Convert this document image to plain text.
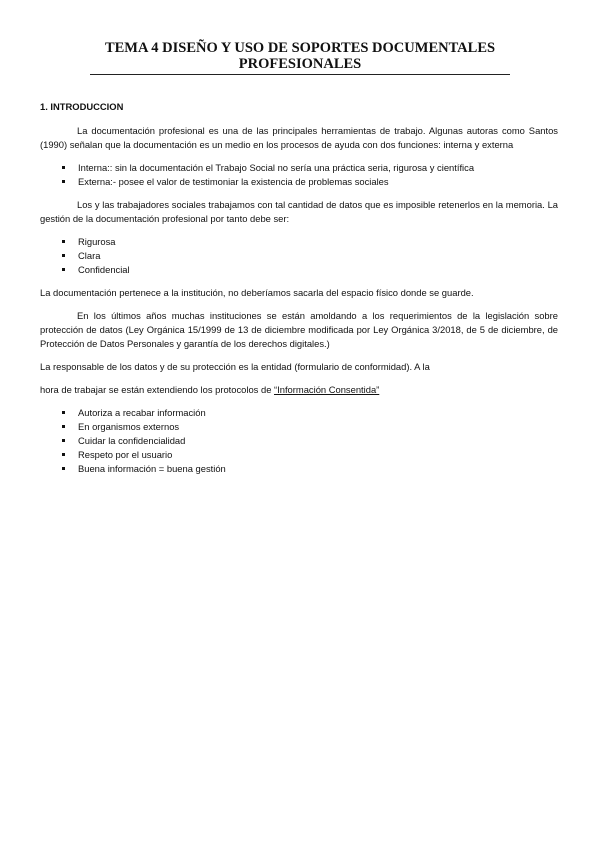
TEMA 4 DISEÑO Y USO DE SOPORTES DOCUMENTALES PROFESIONALES
1. INTRODUCCION

La documentación profesional es una de las principales herramientas de trabajo. Algunas autoras como Santos (1990) señalan que la documentación es un medio en los procesos de ayuda con dos funciones: interna y externa

Interna:: sin la documentación el Trabajo Social no sería una práctica seria, rigurosa y científica
Externa:- posee el valor de testimoniar la existencia de problemas sociales

Los y las trabajadores sociales trabajamos con tal cantidad de datos que es imposible retenerlos en la memoria. La gestión de la documentación profesional por tanto debe ser:

Rigurosa
Clara
Confidencial

La documentación pertenece a la institución, no deberíamos sacarla del espacio físico donde se guarde.

En los últimos años muchas instituciones se están amoldando a los requerimientos de la legislación sobre protección de datos (Ley Orgánica 15/1999 de 13 de diciembre modificada por Ley Orgánica 3/2018, de 5 de diciembre, de Protección de Datos Personales y garantía de los derechos digitales.)

La responsable de los datos y de su protección es la entidad (formulario de conformidad). A la

hora de trabajar se están extendiendo los protocolos de “Información Consentida”

Autoriza a recabar información
En organismos externos
Cuidar la confidencialidad
Respeto por el usuario
Buena información = buena gestión
